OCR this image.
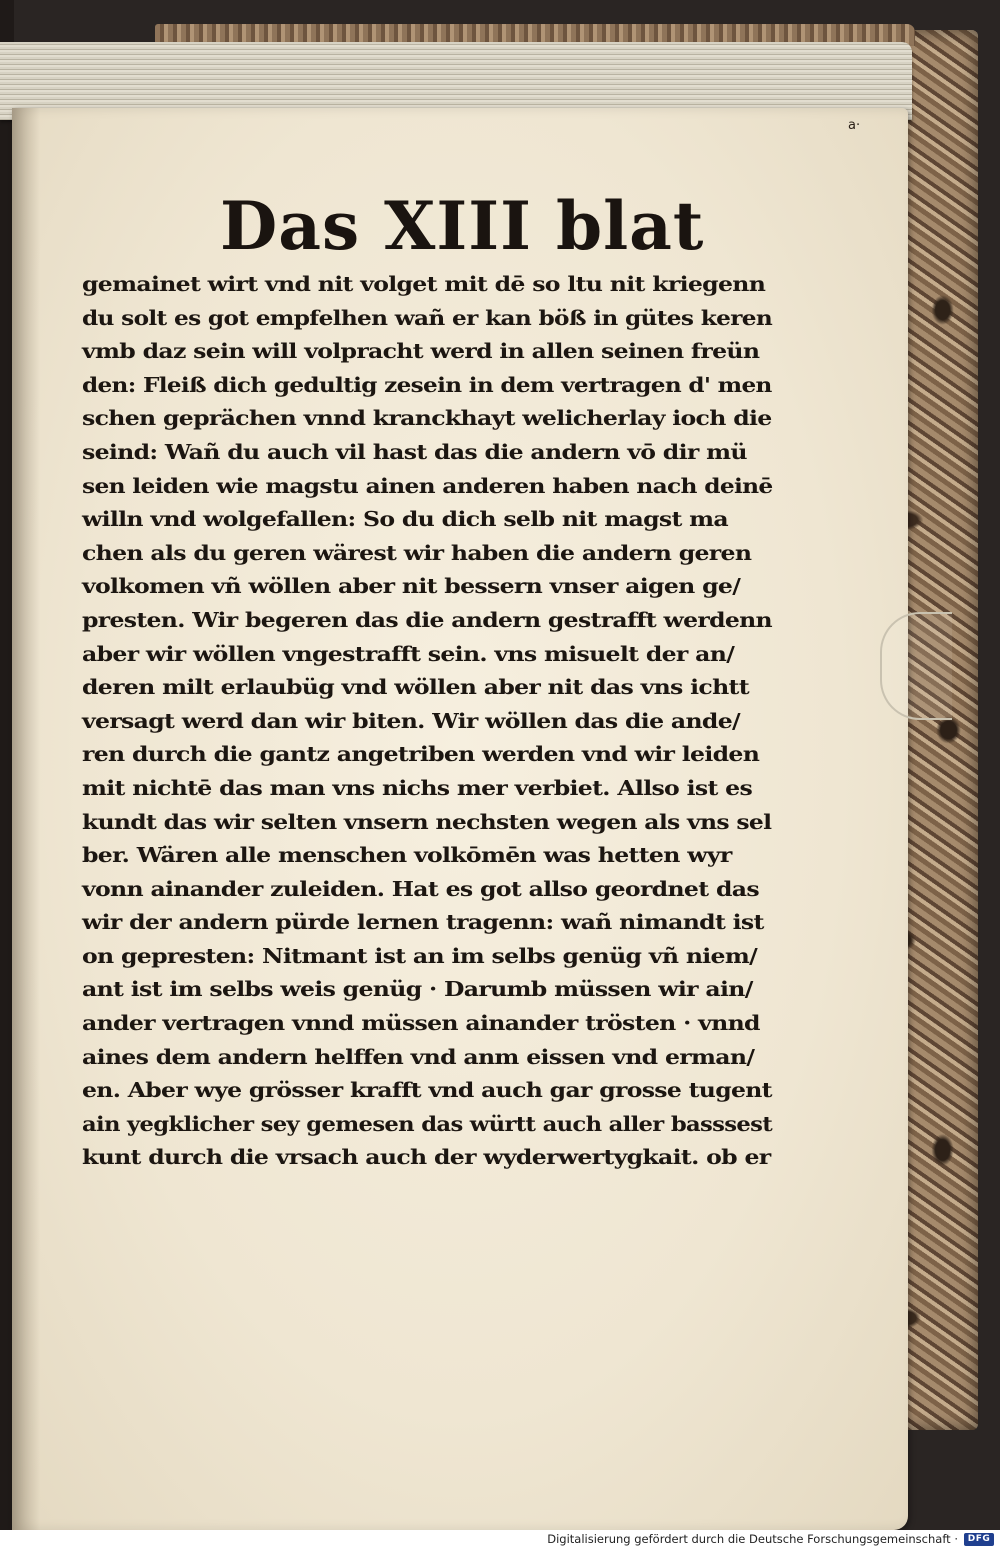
a·
Das XIII blat
gemainet wirt vnd nit volget mit dē so ltu nit kriegenn
du solt es got empfelhen wañ er kan böß in gütes keren
vmb daz sein will volpracht werd in allen seinen freün
den: Fleiß dich gedultig zesein in dem vertragen d' men
schen geprächen vnnd kranckhayt welicherlay ioch die
seind: Wañ du auch vil hast das die andern vō dir mü
sen leiden wie magstu ainen anderen haben nach deinē
willn vnd wolgefallen: So du dich selb nit magst ma
chen als du geren wärest wir haben die andern geren
volkomen vñ wöllen aber nit bessern vnser aigen ge/
presten. Wir begeren das die andern gestrafft werdenn
aber wir wöllen vngestrafft sein. vns misuelt der an/
deren milt erlaubüg vnd wöllen aber nit das vns ichtt
versagt werd dan wir biten. Wir wöllen das die ande/
ren durch die gantz angetriben werden vnd wir leiden
mit nichtē das man vns nichs mer verbiet. Allso ist es
kundt das wir selten vnsern nechsten wegen als vns sel
ber. Wären alle menschen volkōmēn was hetten wyr
vonn ainander zuleiden. Hat es got allso geordnet das
wir der andern pürde lernen tragenn: wañ nimandt ist
on gepresten: Nitmant ist an im selbs genüg vñ niem/
ant ist im selbs weis genüg · Darumb müssen wir ain/
ander vertragen vnnd müssen ainander trösten · vnnd
aines dem andern helffen vnd anm eissen vnd erman/
en. Aber wye grösser krafft vnd auch gar grosse tugent
ain yegklicher sey gemesen das württ auch aller basssest
kunt durch die vrsach auch der wyderwertygkait. ob er
Digitalisierung gefördert durch die Deutsche Forschungsgemeinschaft ·	DFG
